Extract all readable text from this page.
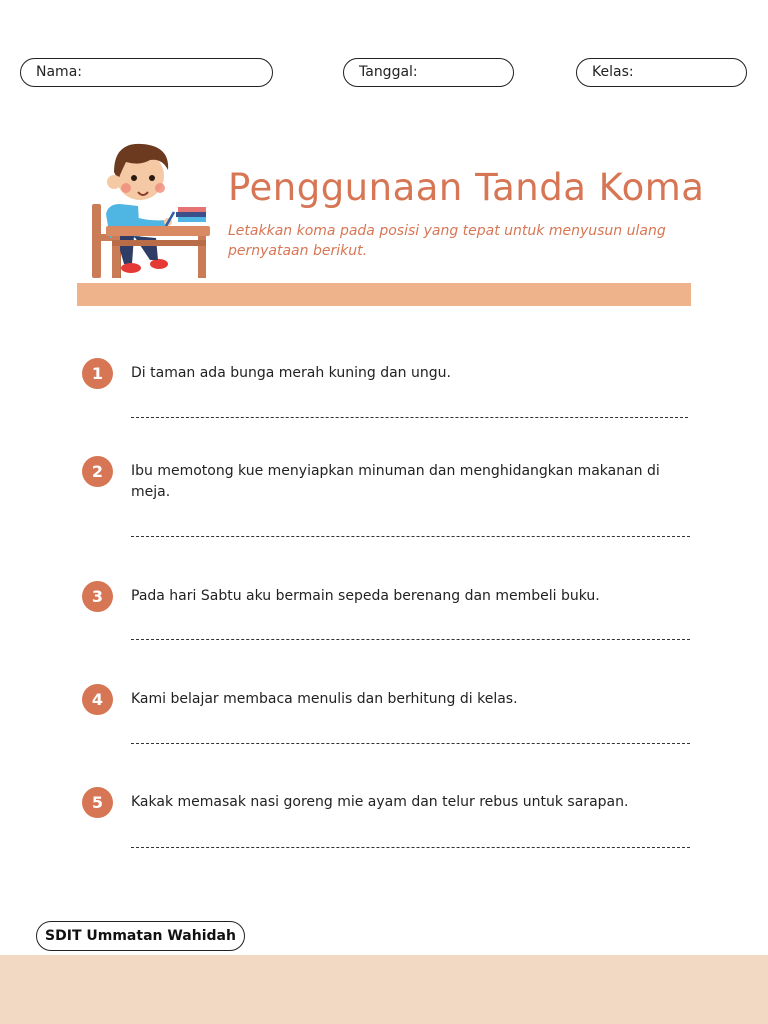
Nama:	Tanggal:	Kelas:
Penggunaan Tanda Koma
Letakkan koma pada posisi yang tepat untuk menyusun ulang pernyataan berikut.
1	Di taman ada bunga merah kuning dan ungu.
2	Ibu memotong kue menyiapkan minuman dan menghidangkan makanan di meja.
3	Pada hari Sabtu aku bermain sepeda berenang dan membeli buku.
4	Kami belajar membaca menulis dan berhitung di kelas.
5	Kakak memasak nasi goreng mie ayam dan telur rebus untuk sarapan.
SDIT Ummatan Wahidah
